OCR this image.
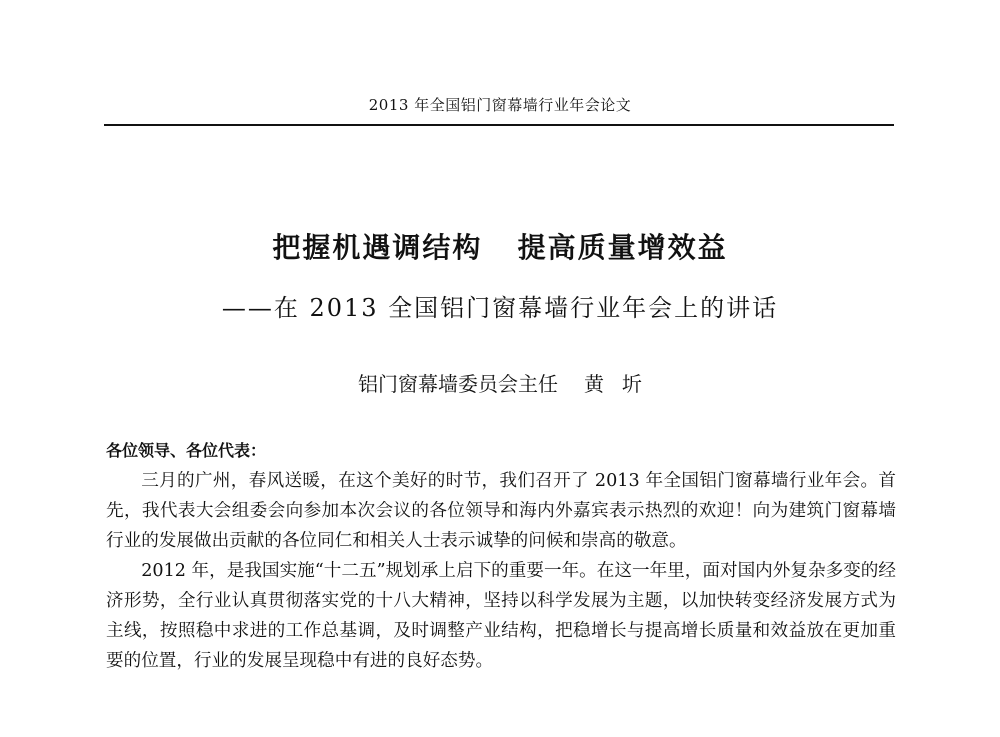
2013 年全国铝门窗幕墙行业年会论文
把握机遇调结构 提高质量增效益
——在 2013 全国铝门窗幕墙行业年会上的讲话
铝门窗幕墙委员会主任 黄 圻

各位领导、各位代表：

三月的广州，春风送暖，在这个美好的时节，我们召开了 2013 年全国铝门窗幕墙行业年会。首先，我代表大会组委会向参加本次会议的各位领导和海内外嘉宾表示热烈的欢迎！向为建筑门窗幕墙行业的发展做出贡献的各位同仁和相关人士表示诚挚的问候和崇高的敬意。

2012 年，是我国实施“十二五”规划承上启下的重要一年。在这一年里，面对国内外复杂多变的经济形势，全行业认真贯彻落实党的十八大精神，坚持以科学发展为主题，以加快转变经济发展方式为主线，按照稳中求进的工作总基调，及时调整产业结构，把稳增长与提高增长质量和效益放在更加重要的位置，行业的发展呈现稳中有进的良好态势。
